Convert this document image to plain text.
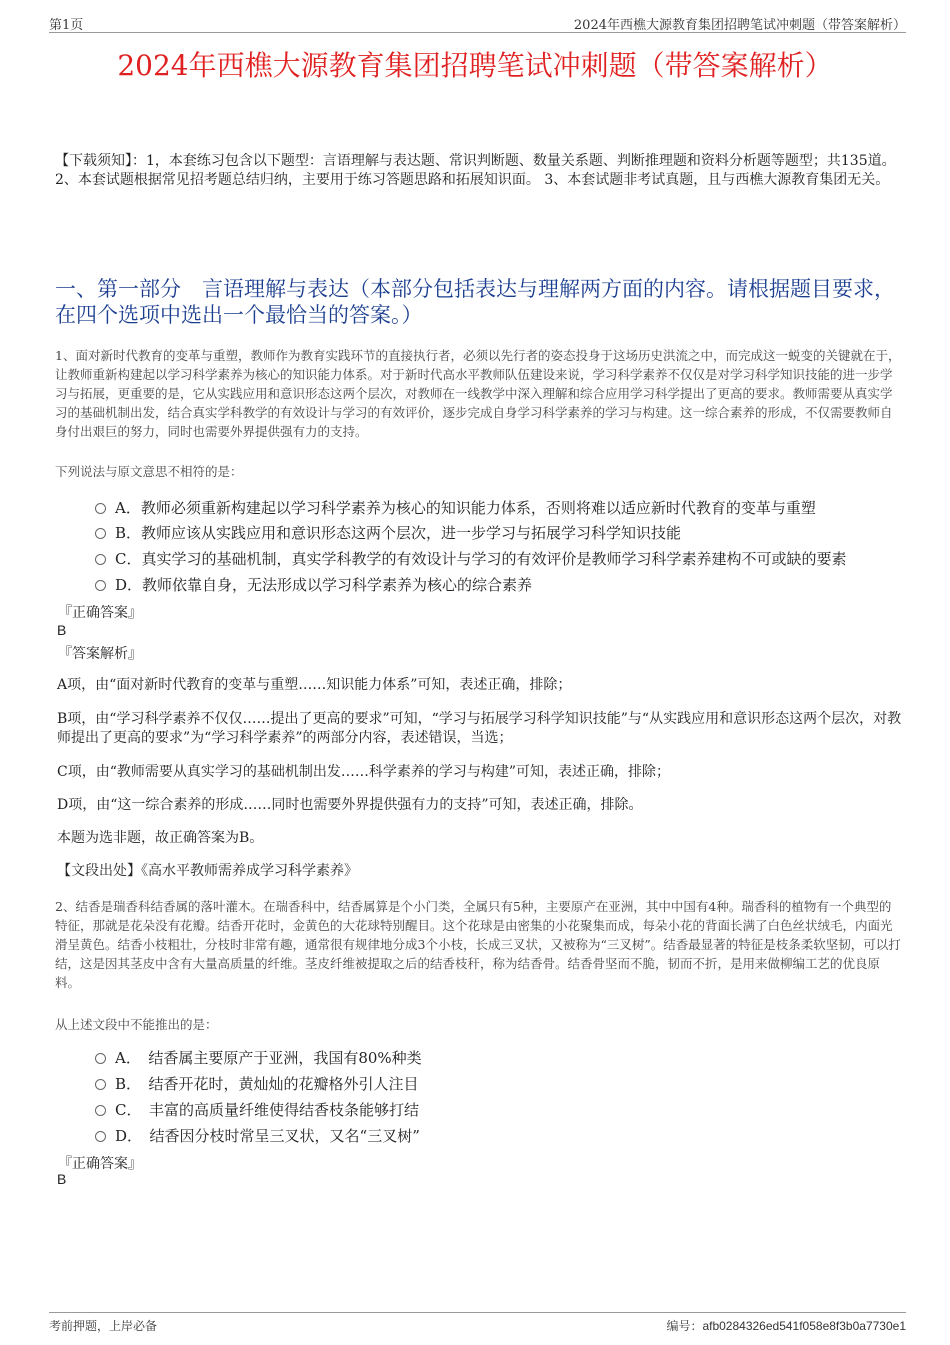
第1页	2024年西樵大源教育集团招聘笔试冲刺题（带答案解析）
2024年西樵大源教育集团招聘笔试冲刺题（带答案解析）
【下载须知】：1，本套练习包含以下题型：言语理解与表达题、常识判断题、数量关系题、判断推理题和资料分析题等题型；共135道。 2、本套试题根据常见招考题总结归纳，主要用于练习答题思路和拓展知识面。 3、本套试题非考试真题，且与西樵大源教育集团无关。
一、第一部分　言语理解与表达（本部分包括表达与理解两方面的内容。请根据题目要求，在四个选项中选出一个最恰当的答案。）
1、面对新时代教育的变革与重塑，教师作为教育实践环节的直接执行者，必须以先行者的姿态投身于这场历史洪流之中，而完成这一蜕变的关键就在于，让教师重新构建起以学习科学素养为核心的知识能力体系。对于新时代高水平教师队伍建设来说，学习科学素养不仅仅是对学习科学知识技能的进一步学习与拓展，更重要的是，它从实践应用和意识形态这两个层次，对教师在一线教学中深入理解和综合应用学习科学提出了更高的要求。教师需要从真实学习的基础机制出发，结合真实学科教学的有效设计与学习的有效评价，逐步完成自身学习科学素养的学习与构建。这一综合素养的形成，不仅需要教师自身付出艰巨的努力，同时也需要外界提供强有力的支持。
下列说法与原文意思不相符的是：
A．教师必须重新构建起以学习科学素养为核心的知识能力体系，否则将难以适应新时代教育的变革与重塑
B．教师应该从实践应用和意识形态这两个层次，进一步学习与拓展学习科学知识技能
C．真实学习的基础机制，真实学科教学的有效设计与学习的有效评价是教师学习科学素养建构不可或缺的要素
D．教师依靠自身，无法形成以学习科学素养为核心的综合素养
『正确答案』
B
『答案解析』
A项，由“面对新时代教育的变革与重塑……知识能力体系”可知，表述正确，排除；
B项，由“学习科学素养不仅仅……提出了更高的要求”可知，“学习与拓展学习科学知识技能”与“从实践应用和意识形态这两个层次，对教师提出了更高的要求”为“学习科学素养”的两部分内容，表述错误，当选；
C项，由“教师需要从真实学习的基础机制出发……科学素养的学习与构建”可知，表述正确，排除；
D项，由“这一综合素养的形成……同时也需要外界提供强有力的支持”可知，表述正确，排除。
本题为选非题，故正确答案为B。
【文段出处】《高水平教师需养成学习科学素养》
2、结香是瑞香科结香属的落叶灌木。在瑞香科中，结香属算是个小门类，全属只有5种，主要原产在亚洲，其中中国有4种。瑞香科的植物有一个典型的特征，那就是花朵没有花瓣。结香开花时，金黄色的大花球特别醒目。这个花球是由密集的小花聚集而成，每朵小花的背面长满了白色丝状绒毛，内面光滑呈黄色。结香小枝粗壮，分枝时非常有趣，通常很有规律地分成3个小枝，长成三叉状，又被称为“三叉树”。结香最显著的特征是枝条柔软坚韧，可以打结，这是因其茎皮中含有大量高质量的纤维。茎皮纤维被提取之后的结香枝秆，称为结香骨。结香骨坚而不脆，韧而不折，是用来做柳编工艺的优良原料。
从上述文段中不能推出的是：
A．　结香属主要原产于亚洲，我国有80%种类
B．　结香开花时，黄灿灿的花瓣格外引人注目
C．　丰富的高质量纤维使得结香枝条能够打结
D．　结香因分枝时常呈三叉状，又名“三叉树”
『正确答案』
B
考前押题，上岸必备	编号：afb0284326ed541f058e8f3b0a7730e1
